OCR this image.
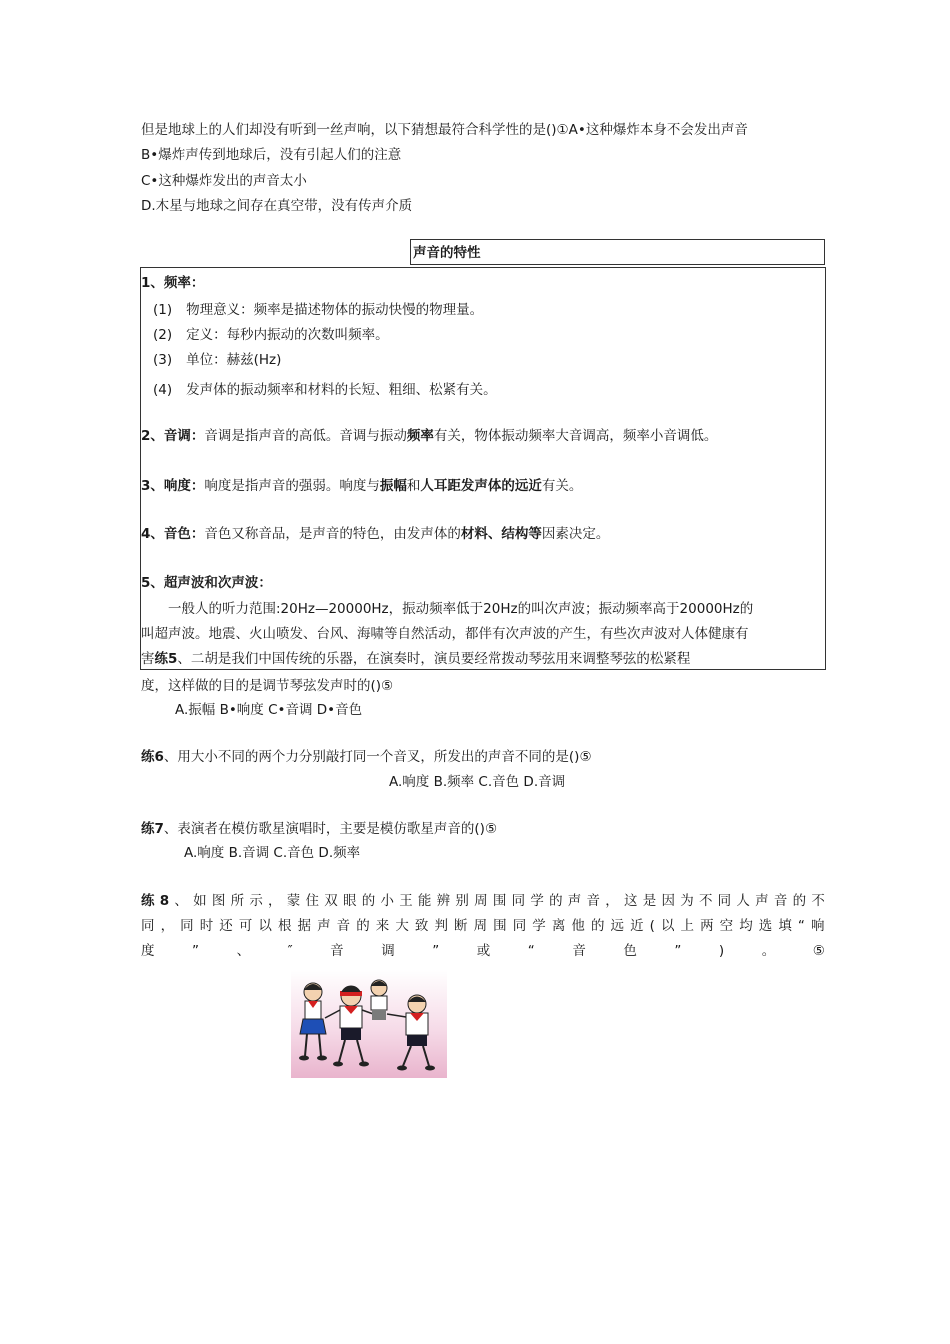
但是地球上的人们却没有听到一丝声响，以下猜想最符合科学性的是()①A•这种爆炸本身不会发出声音
B•爆炸声传到地球后，没有引起人们的注意
C•这种爆炸发出的声音太小
D.木星与地球之间存在真空带，没有传声介质
声音的特性
1、频率：
(1) 物理意义：频率是描述物体的振动快慢的物理量。
(2) 定义：每秒内振动的次数叫频率。
(3) 单位：赫兹(Hz)
(4) 发声体的振动频率和材料的长短、粗细、松紧有关。
2、音调：音调是指声音的高低。音调与振动频率有关，物体振动频率大音调高，频率小音调低。
3、响度：响度是指声音的强弱。响度与振幅和人耳距发声体的远近有关。
4、音色：音色又称音品，是声音的特色，由发声体的材料、结构等因素决定。
5、超声波和次声波：
一般人的听力范围:20Hz—20000Hz，振动频率低于20Hz的叫次声波；振动频率高于20000Hz的
叫超声波。地震、火山喷发、台风、海啸等自然活动，都伴有次声波的产生，有些次声波对人体健康有
害练5、二胡是我们中国传统的乐器，在演奏时，演员要经常拨动琴弦用来调整琴弦的松紧程
度，这样做的目的是调节琴弦发声时的()⑤
A.振幅 B•响度 C•音调 D•音色
练6、用大小不同的两个力分别敲打同一个音叉，所发出的声音不同的是()⑤
A.响度 B.频率 C.音色 D.音调
练7、表演者在模仿歌星演唱时，主要是模仿歌星声音的()⑤
A.响度 B.音调 C.音色 D.频率
练 8 、 如 图 所 示 ， 蒙 住 双 眼 的 小 王 能 辨 别 周 围 同 学 的 声 音 ， 这 是 因 为 不 同 人 声 音 的 不
同 ， 同 时 还 可 以 根 据 声 音 的 来 大 致 判 断 周 围 同 学 离 他 的 远 近 ( 以 上 两 空 均 选 填 “ 响
度	”	、	″	音	调	”	或	“	音	色	”	)	。	⑤
